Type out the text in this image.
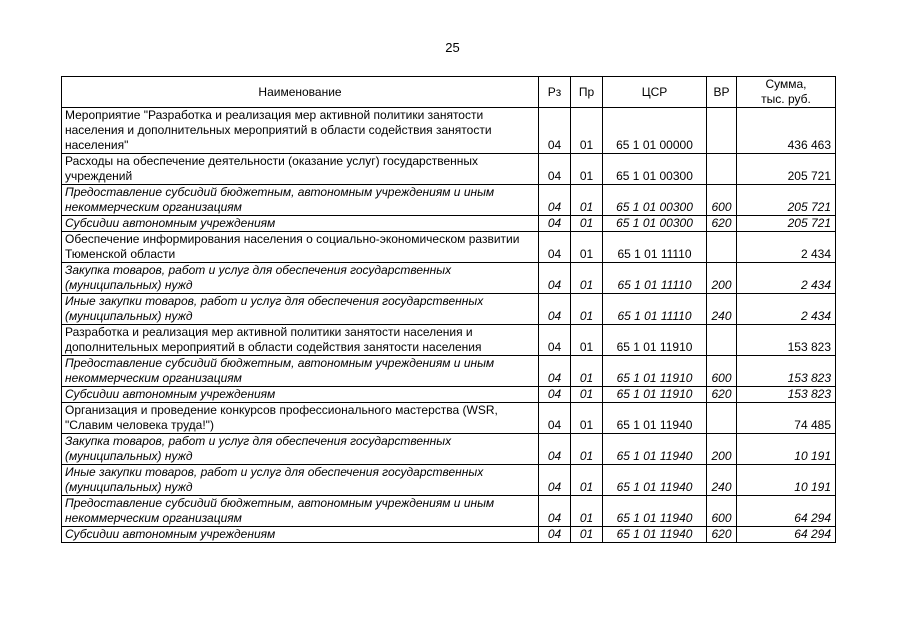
25
Наименование	Рз	Пр	ЦСР	ВР	Сумма,
тыс. руб.

Мероприятие "Разработка и реализация мер активной политики занятости населения и дополнительных мероприятий в области содействия занятости населения"	04	01	65 1 01 00000		436 463
Расходы на обеспечение деятельности (оказание услуг) государственных учреждений	04	01	65 1 01 00300		205 721
Предоставление субсидий бюджетным, автономным учреждениям и иным некоммерческим организациям	04	01	65 1 01 00300	600	205 721
Субсидии автономным учреждениям	04	01	65 1 01 00300	620	205 721
Обеспечение информирования населения о социально-экономическом развитии Тюменской области	04	01	65 1 01 11110		2 434
Закупка товаров, работ и услуг для обеспечения государственных (муниципальных) нужд	04	01	65 1 01 11110	200	2 434
Иные закупки товаров, работ и услуг для обеспечения государственных (муниципальных) нужд	04	01	65 1 01 11110	240	2 434
Разработка и реализация мер активной политики занятости населения и дополнительных мероприятий в области содействия занятости населения	04	01	65 1 01 11910		153 823
Предоставление субсидий бюджетным, автономным учреждениям и иным некоммерческим организациям	04	01	65 1 01 11910	600	153 823
Субсидии автономным учреждениям	04	01	65 1 01 11910	620	153 823
Организация и проведение конкурсов профессионального мастерства (WSR, "Славим человека труда!")	04	01	65 1 01 11940		74 485
Закупка товаров, работ и услуг для обеспечения государственных (муниципальных) нужд	04	01	65 1 01 11940	200	10 191
Иные закупки товаров, работ и услуг для обеспечения государственных (муниципальных) нужд	04	01	65 1 01 11940	240	10 191
Предоставление субсидий бюджетным, автономным учреждениям и иным некоммерческим организациям	04	01	65 1 01 11940	600	64 294
Субсидии автономным учреждениям	04	01	65 1 01 11940	620	64 294
